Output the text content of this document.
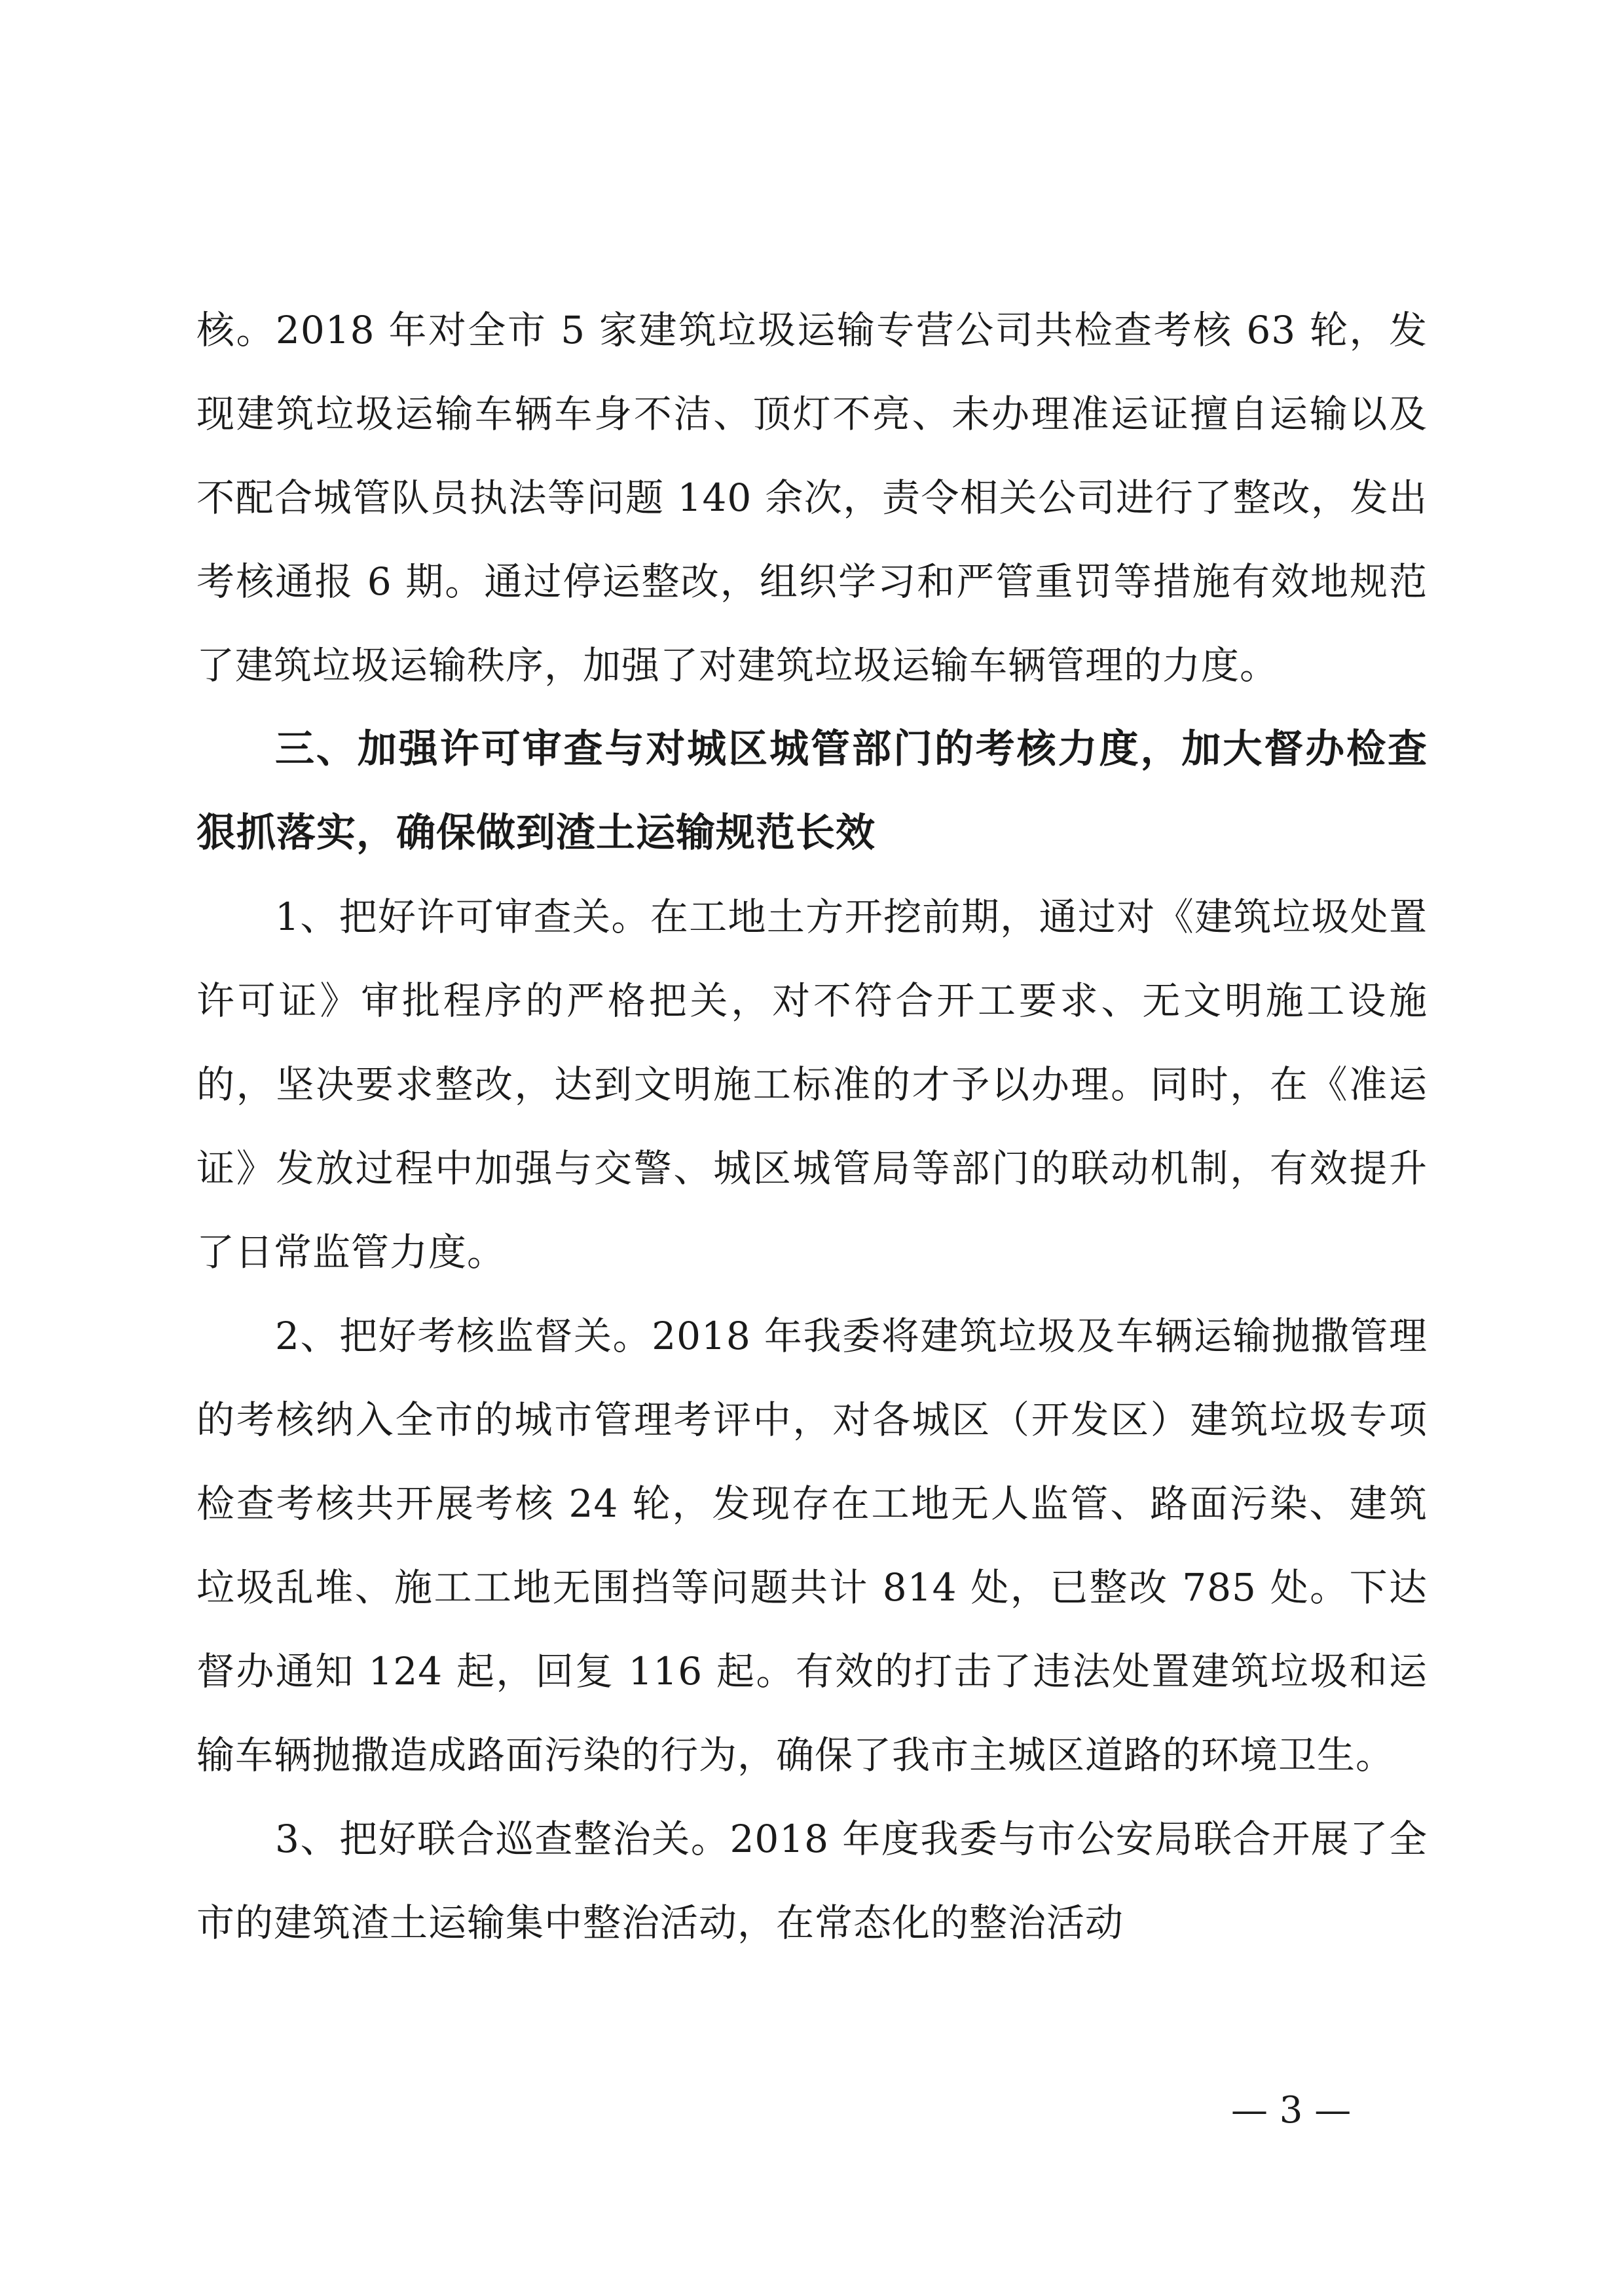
核。2018 年对全市 5 家建筑垃圾运输专营公司共检查考核 63 轮，发现建筑垃圾运输车辆车身不洁、顶灯不亮、未办理准运证擅自运输以及不配合城管队员执法等问题 140 余次，责令相关公司进行了整改，发出考核通报 6 期。通过停运整改，组织学习和严管重罚等措施有效地规范了建筑垃圾运输秩序，加强了对建筑垃圾运输车辆管理的力度。

三、加强许可审查与对城区城管部门的考核力度，加大督办检查狠抓落实，确保做到渣土运输规范长效

1、把好许可审查关。在工地土方开挖前期，通过对《建筑垃圾处置许可证》审批程序的严格把关，对不符合开工要求、无文明施工设施的，坚决要求整改，达到文明施工标准的才予以办理。同时，在《准运证》发放过程中加强与交警、城区城管局等部门的联动机制，有效提升了日常监管力度。

2、把好考核监督关。2018 年我委将建筑垃圾及车辆运输抛撒管理的考核纳入全市的城市管理考评中，对各城区（开发区）建筑垃圾专项检查考核共开展考核 24 轮，发现存在工地无人监管、路面污染、建筑垃圾乱堆、施工工地无围挡等问题共计 814 处，已整改 785 处。下达督办通知 124 起，回复 116 起。有效的打击了违法处置建筑垃圾和运输车辆抛撒造成路面污染的行为，确保了我市主城区道路的环境卫生。

3、把好联合巡查整治关。2018 年度我委与市公安局联合开展了全市的建筑渣土运输集中整治活动，在常态化的整治活动

— 3 —
